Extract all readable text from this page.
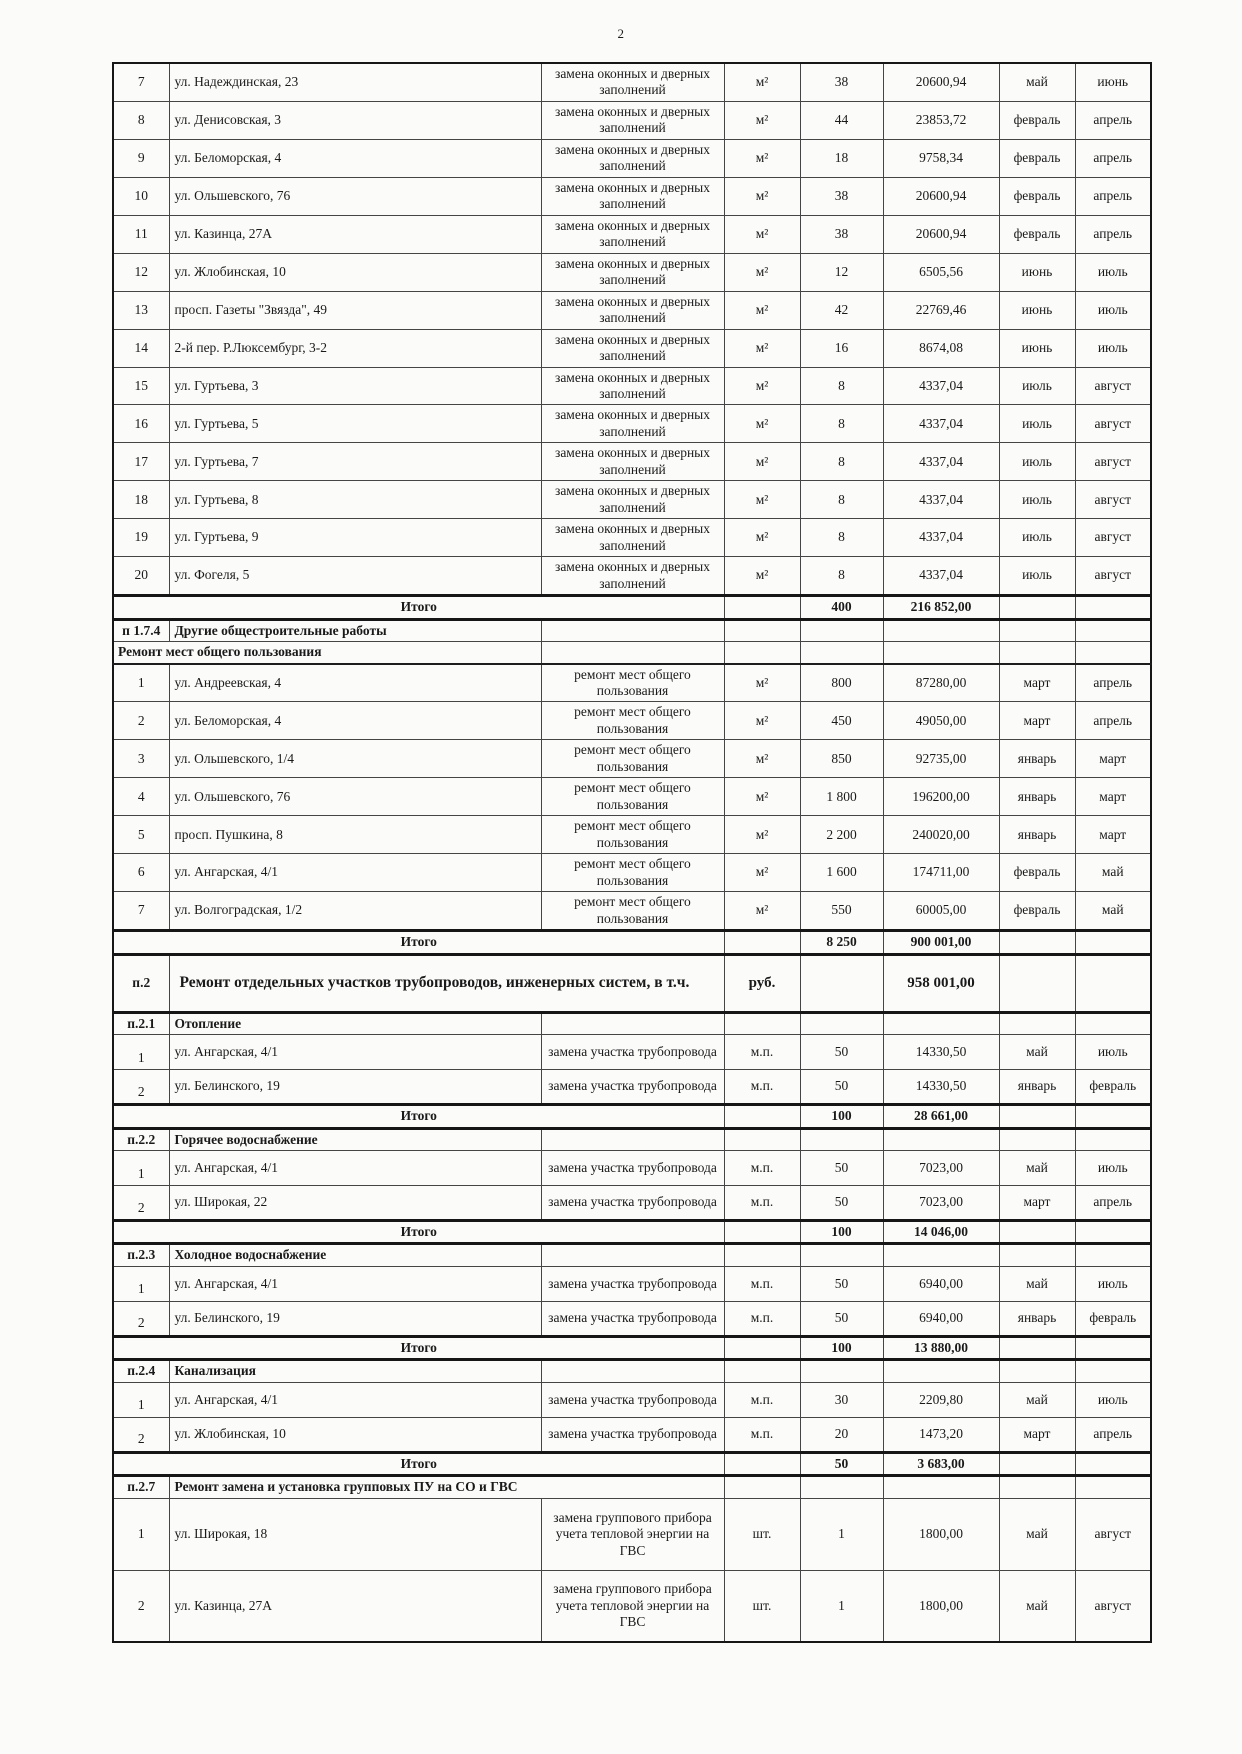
2
7	ул. Надеждинская, 23	замена оконных и дверных заполнений	м²	38	20600,94	май	июнь
8	ул. Денисовская, 3	замена оконных и дверных заполнений	м²	44	23853,72	февраль	апрель
9	ул. Беломорская, 4	замена оконных и дверных заполнений	м²	18	9758,34	февраль	апрель
10	ул. Ольшевского, 76	замена оконных и дверных заполнений	м²	38	20600,94	февраль	апрель
11	ул. Казинца, 27А	замена оконных и дверных заполнений	м²	38	20600,94	февраль	апрель
12	ул. Жлобинская, 10	замена оконных и дверных заполнений	м²	12	6505,56	июнь	июль
13	просп. Газеты "Звязда", 49	замена оконных и дверных заполнений	м²	42	22769,46	июнь	июль
14	2-й пер. Р.Люксембург, 3-2	замена оконных и дверных заполнений	м²	16	8674,08	июнь	июль
15	ул. Гуртьева, 3	замена оконных и дверных заполнений	м²	8	4337,04	июль	август
16	ул. Гуртьева, 5	замена оконных и дверных заполнений	м²	8	4337,04	июль	август
17	ул. Гуртьева, 7	замена оконных и дверных заполнений	м²	8	4337,04	июль	август
18	ул. Гуртьева, 8	замена оконных и дверных заполнений	м²	8	4337,04	июль	август
19	ул. Гуртьева, 9	замена оконных и дверных заполнений	м²	8	4337,04	июль	август
20	ул. Фогеля, 5	замена оконных и дверных заполнений	м²	8	4337,04	июль	август
Итого				400	216 852,00		
п 1.7.4	Другие общестроительные работы						
Ремонт мест общего пользования							
1	ул. Андреевская, 4	ремонт мест общего пользования	м²	800	87280,00	март	апрель
2	ул. Беломорская, 4	ремонт мест общего пользования	м²	450	49050,00	март	апрель
3	ул. Ольшевского, 1/4	ремонт мест общего пользования	м²	850	92735,00	январь	март
4	ул. Ольшевского, 76	ремонт мест общего пользования	м²	1 800	196200,00	январь	март
5	просп. Пушкина, 8	ремонт мест общего пользования	м²	2 200	240020,00	январь	март
6	ул. Ангарская, 4/1	ремонт мест общего пользования	м²	1 600	174711,00	февраль	май
7	ул. Волгоградская, 1/2	ремонт мест общего пользования	м²	550	60005,00	февраль	май
Итого				8 250	900 001,00		
п.2	Ремонт отдедельных участков трубопроводов, инженерных систем, в т.ч.		руб.		958 001,00		
п.2.1	Отопление						
1	ул. Ангарская, 4/1	замена участка трубопровода	м.п.	50	14330,50	май	июль
2	ул. Белинского, 19	замена участка трубопровода	м.п.	50	14330,50	январь	февраль
Итого				100	28 661,00		
п.2.2	Горячее водоснабжение						
1	ул. Ангарская, 4/1	замена участка трубопровода	м.п.	50	7023,00	май	июль
2	ул. Широкая, 22	замена участка трубопровода	м.п.	50	7023,00	март	апрель
Итого				100	14 046,00		
п.2.3	Холодное водоснабжение						
1	ул. Ангарская, 4/1	замена участка трубопровода	м.п.	50	6940,00	май	июль
2	ул. Белинского, 19	замена участка трубопровода	м.п.	50	6940,00	январь	февраль
Итого				100	13 880,00		
п.2.4	Канализация						
1	ул. Ангарская, 4/1	замена участка трубопровода	м.п.	30	2209,80	май	июль
2	ул. Жлобинская, 10	замена участка трубопровода	м.п.	20	1473,20	март	апрель
Итого				50	3 683,00		
п.2.7	Ремонт замена и установка групповых ПУ на СО и ГВС						
1	ул. Широкая, 18	замена группового прибора учета тепловой энергии на ГВС	шт.	1	1800,00	май	август
2	ул. Казинца, 27А	замена группового прибора учета тепловой энергии на ГВС	шт.	1	1800,00	май	август
